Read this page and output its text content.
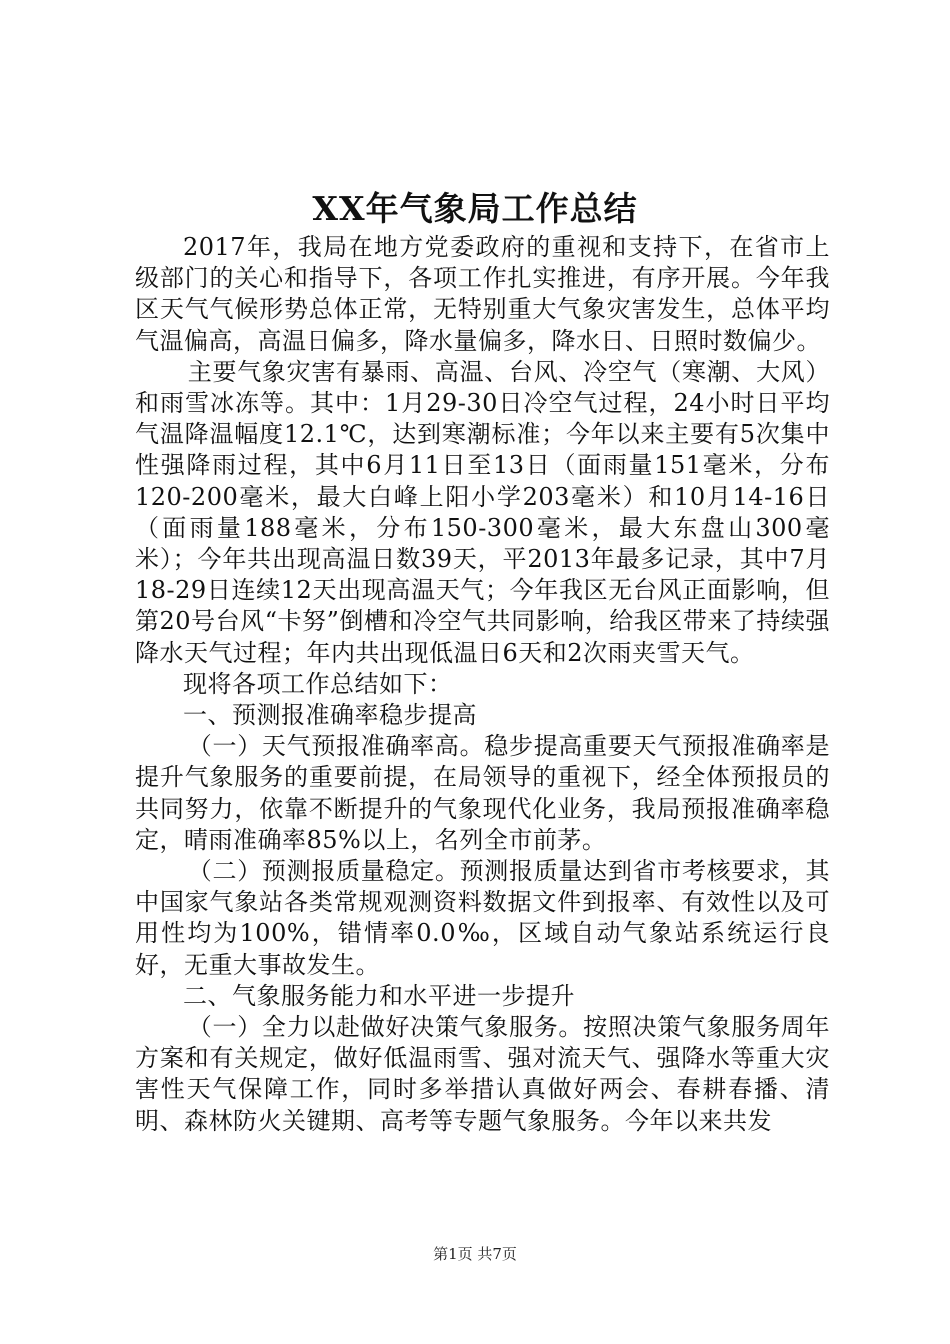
XX年气象局工作总结

2017年，我局在地方党委政府的重视和支持下，在省市上级部门的关心和指导下，各项工作扎实推进，有序开展。今年我区天气气候形势总体正常，无特别重大气象灾害发生，总体平均气温偏高，高温日偏多，降水量偏多，降水日、日照时数偏少。

主要气象灾害有暴雨、高温、台风、冷空气（寒潮、大风）和雨雪冰冻等。其中：1月29-30日冷空气过程，24小时日平均气温降温幅度12.1℃，达到寒潮标准；今年以来主要有5次集中性强降雨过程，其中6月11日至13日（面雨量151毫米，分布120-200毫米，最大白峰上阳小学203毫米）和10月14-16日（面雨量188毫米，分布150-300毫米，最大东盘山300毫米）；今年共出现高温日数39天，平2013年最多记录，其中7月18-29日连续12天出现高温天气；今年我区无台风正面影响，但第20号台风“卡努”倒槽和冷空气共同影响，给我区带来了持续强降水天气过程；年内共出现低温日6天和2次雨夹雪天气。

现将各项工作总结如下：

一、预测报准确率稳步提高

（一）天气预报准确率高。稳步提高重要天气预报准确率是提升气象服务的重要前提，在局领导的重视下，经全体预报员的共同努力，依靠不断提升的气象现代化业务，我局预报准确率稳定，晴雨准确率85%以上，名列全市前茅。

（二）预测报质量稳定。预测报质量达到省市考核要求，其中国家气象站各类常规观测资料数据文件到报率、有效性以及可用性均为100%，错情率0.0‰，区域自动气象站系统运行良好，无重大事故发生。

二、气象服务能力和水平进一步提升

（一）全力以赴做好决策气象服务。按照决策气象服务周年方案和有关规定，做好低温雨雪、强对流天气、强降水等重大灾害性天气保障工作，同时多举措认真做好两会、春耕春播、清明、森林防火关键期、高考等专题气象服务。今年以来共发

第1页 共7页
